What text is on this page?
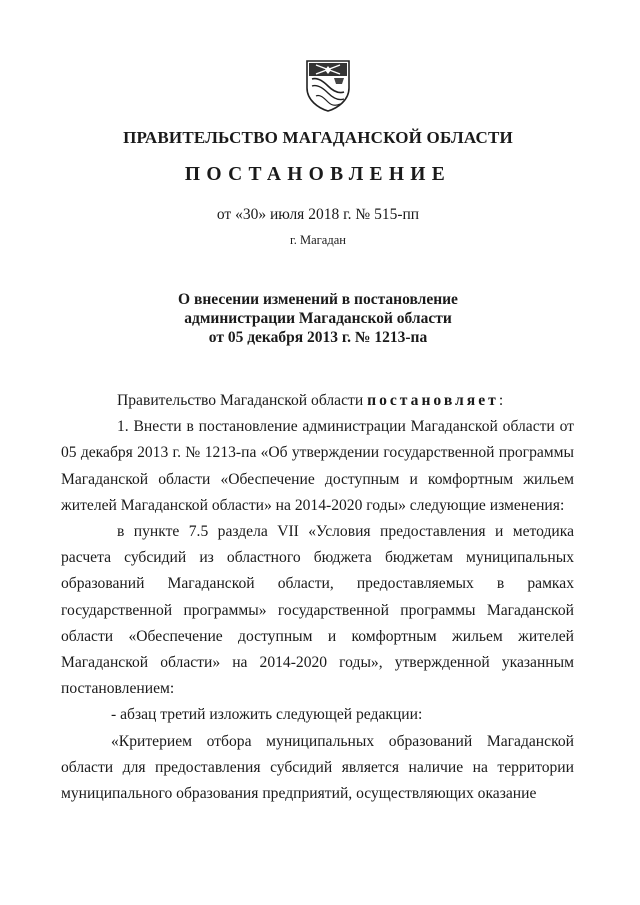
ПРАВИТЕЛЬСТВО МАГАДАНСКОЙ ОБЛАСТИ

ПОСТАНОВЛЕНИЕ

от «30» июля 2018 г. № 515-пп

г. Магадан

О внесении изменений в постановление
администрации Магаданской области
от 05 декабря 2013 г. № 1213-па

Правительство Магаданской области постановляет:

1. Внести в постановление администрации Магаданской области от 05 декабря 2013 г. № 1213-па «Об утверждении государственной программы Магаданской области «Обеспечение доступным и комфортным жильем жителей Магаданской области» на 2014-2020 годы» следующие изменения:

в пункте 7.5 раздела VII «Условия предоставления и методика расчета субсидий из областного бюджета бюджетам муниципальных образований Магаданской области, предоставляемых в рамках государственной программы» государственной программы Магаданской области «Обеспечение доступным и комфортным жильем жителей Магаданской области» на 2014-2020 годы», утвержденной указанным постановлением:

- абзац третий изложить следующей редакции:

«Критерием отбора муниципальных образований Магаданской области для предоставления субсидий является наличие на территории муниципального образования предприятий, осуществляющих оказание
